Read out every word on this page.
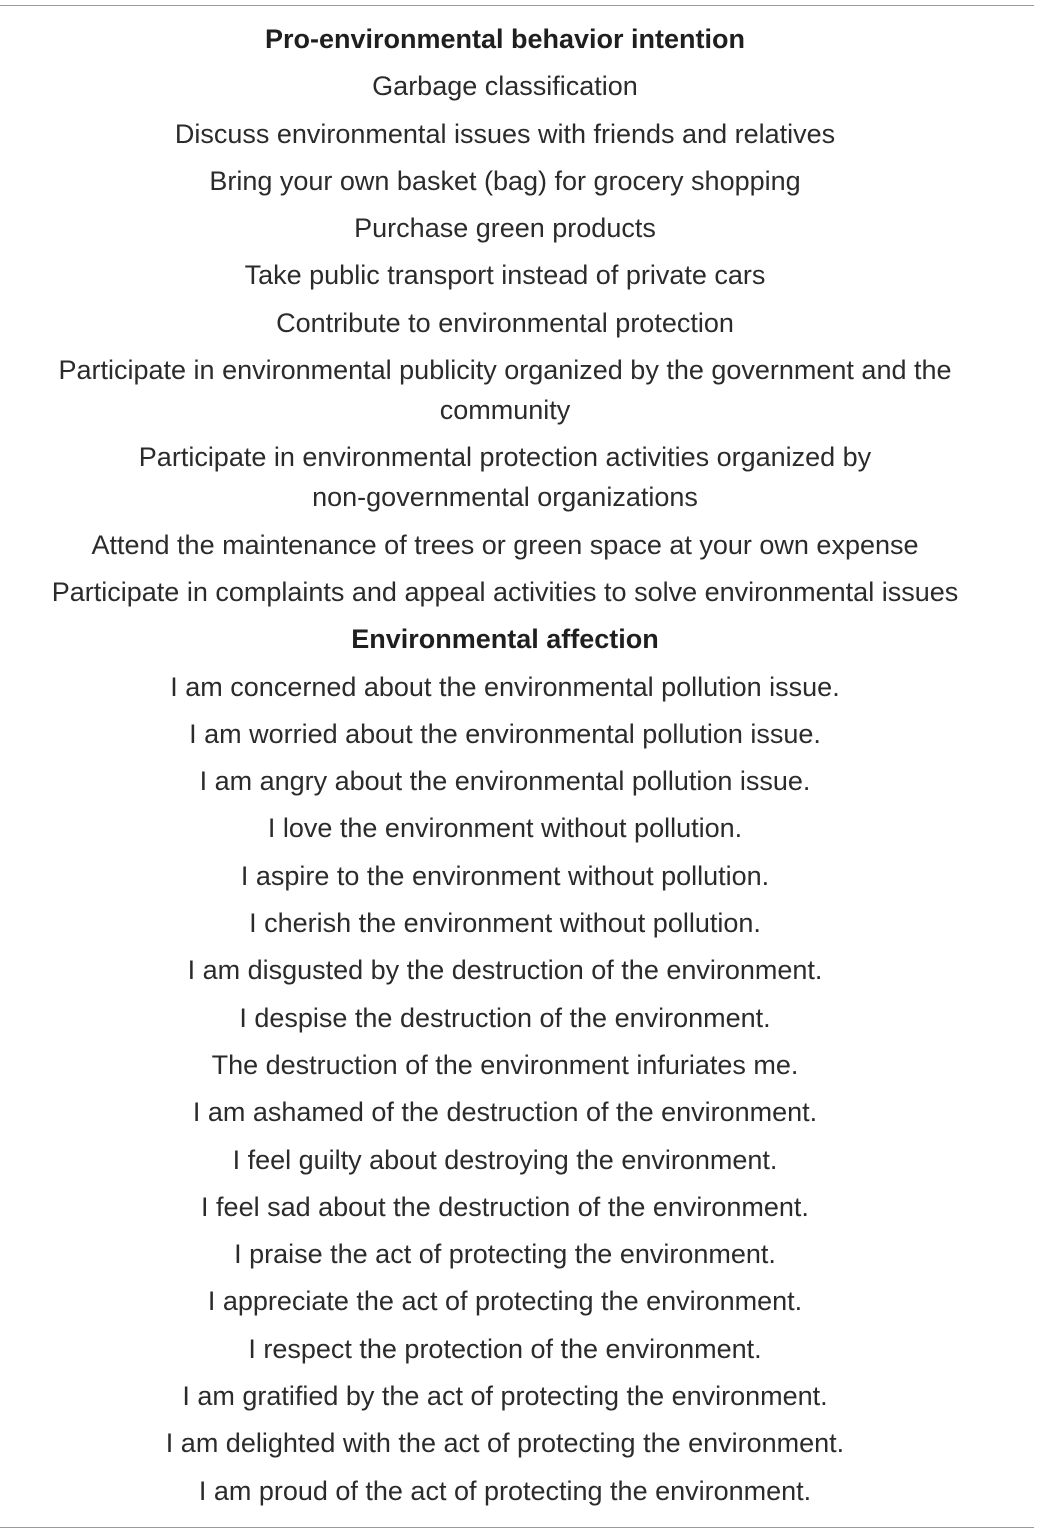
Pro-environmental behavior intention
Garbage classification
Discuss environmental issues with friends and relatives
Bring your own basket (bag) for grocery shopping
Purchase green products
Take public transport instead of private cars
Contribute to environmental protection
Participate in environmental publicity organized by the government and the community
Participate in environmental protection activities organized by non-governmental organizations
Attend the maintenance of trees or green space at your own expense
Participate in complaints and appeal activities to solve environmental issues
Environmental affection
I am concerned about the environmental pollution issue.
I am worried about the environmental pollution issue.
I am angry about the environmental pollution issue.
I love the environment without pollution.
I aspire to the environment without pollution.
I cherish the environment without pollution.
I am disgusted by the destruction of the environment.
I despise the destruction of the environment.
The destruction of the environment infuriates me.
I am ashamed of the destruction of the environment.
I feel guilty about destroying the environment.
I feel sad about the destruction of the environment.
I praise the act of protecting the environment.
I appreciate the act of protecting the environment.
I respect the protection of the environment.
I am gratified by the act of protecting the environment.
I am delighted with the act of protecting the environment.
I am proud of the act of protecting the environment.
